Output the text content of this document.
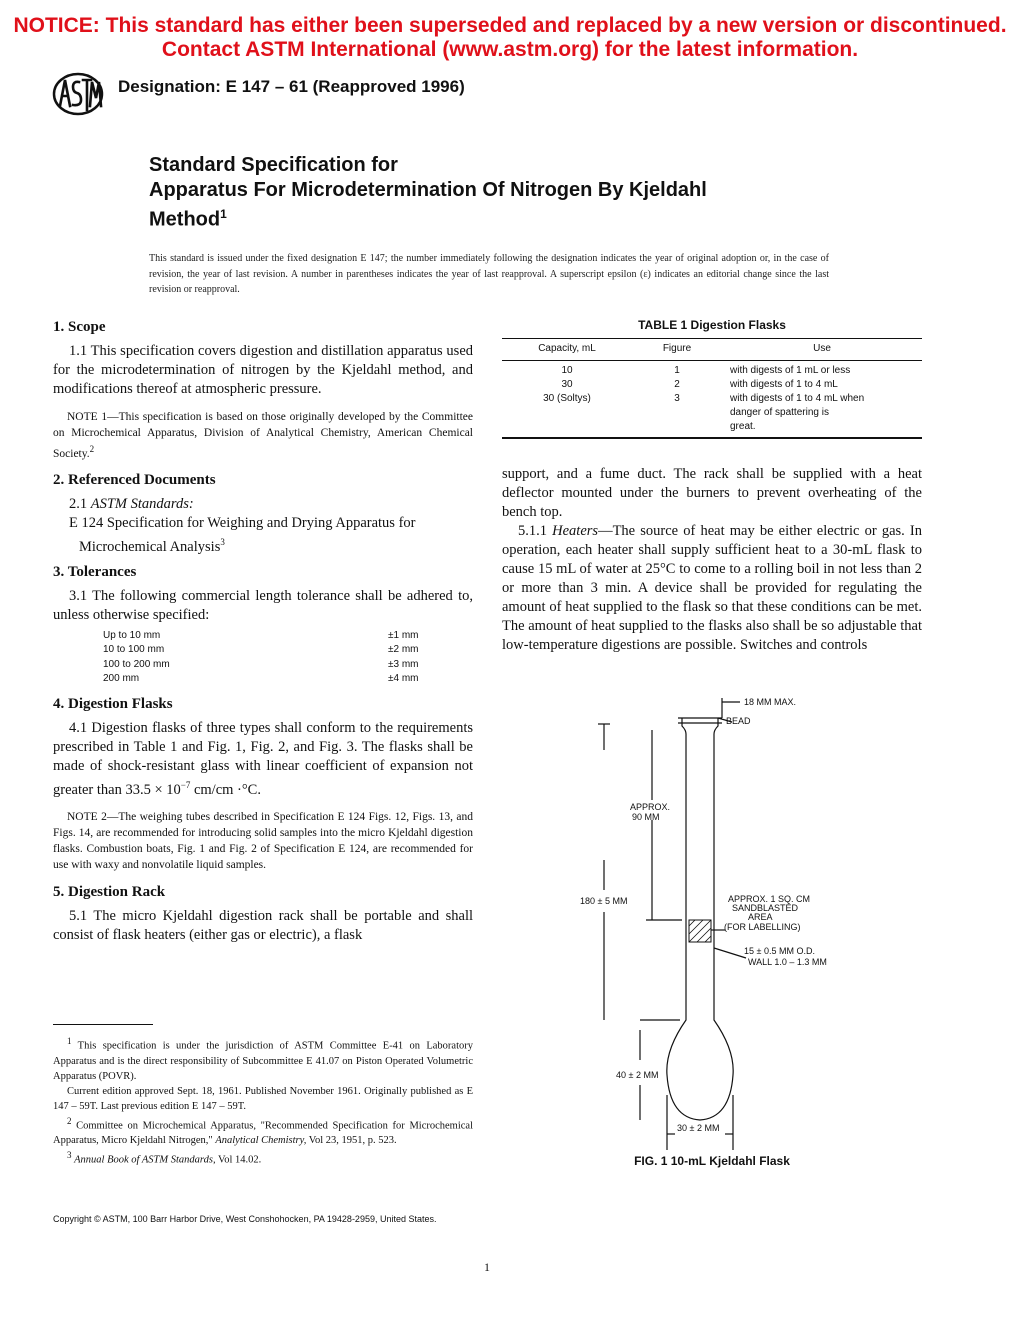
NOTICE: This standard has either been superseded and replaced by a new version or discontinued.
Contact ASTM International (www.astm.org) for the latest information.
Designation: E 147 – 61 (Reapproved 1996)
Standard Specification for
Apparatus For Microdetermination Of Nitrogen By Kjeldahl
Method$^1$
This standard is issued under the fixed designation E 147; the number immediately following the designation indicates the year of original adoption or, in the case of revision, the year of last revision. A number in parentheses indicates the year of last reapproval. A superscript epsilon (ε) indicates an editorial change since the last revision or reapproval.
1. Scope
1.1 This specification covers digestion and distillation apparatus used for the microdetermination of nitrogen by the Kjeldahl method, and modifications thereof at atmospheric pressure.
NOTE 1—This specification is based on those originally developed by the Committee on Microchemical Apparatus, Division of Analytical Chemistry, American Chemical Society.$^2$
2. Referenced Documents
2.1 ASTM Standards:
E 124 Specification for Weighing and Drying Apparatus for Microchemical Analysis$^3$
3. Tolerances
3.1 The following commercial length tolerance shall be adhered to, unless otherwise specified:
Up to 10 mm	±1 mm
10 to 100 mm	±2 mm
100 to 200 mm	±3 mm
200 mm	±4 mm
4. Digestion Flasks
4.1 Digestion flasks of three types shall conform to the requirements prescribed in Table 1 and Fig. 1, Fig. 2, and Fig. 3. The flasks shall be made of shock-resistant glass with linear coefficient of expansion not greater than $33.5 \times 10^{-7}$ cm/cm ·°C.
NOTE 2—The weighing tubes described in Specification E 124 Figs. 12, Figs. 13, and Figs. 14, are recommended for introducing solid samples into the micro Kjeldahl digestion flasks. Combustion boats, Fig. 1 and Fig. 2 of Specification E 124, are recommended for use with waxy and nonvolatile liquid samples.
5. Digestion Rack
5.1 The micro Kjeldahl digestion rack shall be portable and shall consist of flask heaters (either gas or electric), a flask
$^1$ This specification is under the jurisdiction of ASTM Committee E-41 on Laboratory Apparatus and is the direct responsibility of Subcommittee E 41.07 on Piston Operated Volumetric Apparatus (POVR).
Current edition approved Sept. 18, 1961. Published November 1961. Originally published as E 147 – 59T. Last previous edition E 147 – 59T.
$^2$ Committee on Microchemical Apparatus, "Recommended Specification for Microchemical Apparatus, Micro Kjeldahl Nitrogen," Analytical Chemistry, Vol 23, 1951, p. 523.
$^3$ Annual Book of ASTM Standards, Vol 14.02.
TABLE 1 Digestion Flasks
Capacity, mL	Figure	Use
10	1	with digests of 1 mL or less
30	2	with digests of 1 to 4 mL
30 (Soltys)	3	with digests of 1 to 4 mL when
danger of spattering is
great.
support, and a fume duct. The rack shall be supplied with a heat deflector mounted under the burners to prevent overheating of the bench top.
5.1.1 Heaters—The source of heat may be either electric or gas. In operation, each heater shall supply sufficient heat to a 30-mL flask to cause 15 mL of water at 25°C to come to a rolling boil in not less than 2 or more than 3 min. A device shall be provided for regulating the amount of heat supplied to the flask so that these conditions can be met. The amount of heat supplied to the flasks also shall be so adjustable that low-temperature digestions are possible. Switches and controls
18 MM MAX.
BEAD
APPROX.
90 MM
180 ± 5 MM	APPROX. 1 SQ. CM
SANDBLASTED
AREA
(FOR LABELLING)
15 ± 0.5 MM O.D.
WALL 1.0 – 1.3 MM
40 ± 2 MM
30 ± 2 MM
FIG. 1 10-mL Kjeldahl Flask
Copyright © ASTM, 100 Barr Harbor Drive, West Conshohocken, PA 19428-2959, United States.
1
